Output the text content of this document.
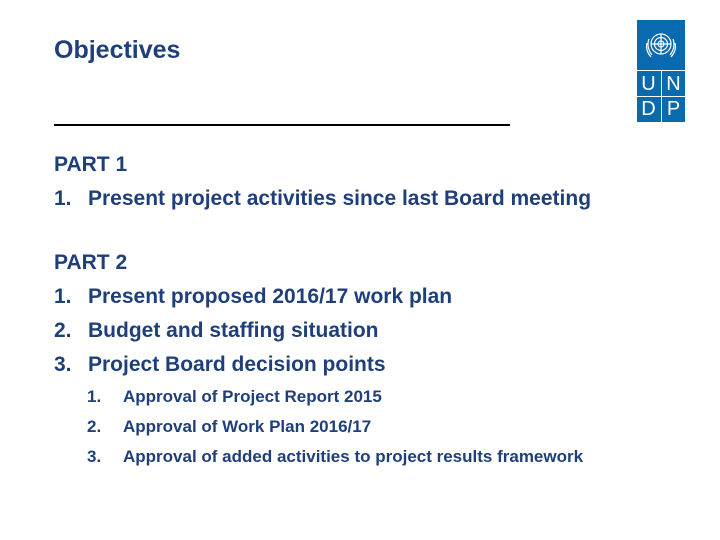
Objectives
U N
D P
PART 1
1. Present project activities since last Board meeting
PART 2
1. Present proposed 2016/17 work plan
2. Budget and staffing situation
3. Project Board decision points
1.	Approval of Project Report 2015
2.	Approval of Work Plan 2016/17
3.	Approval of added activities to project results framework
